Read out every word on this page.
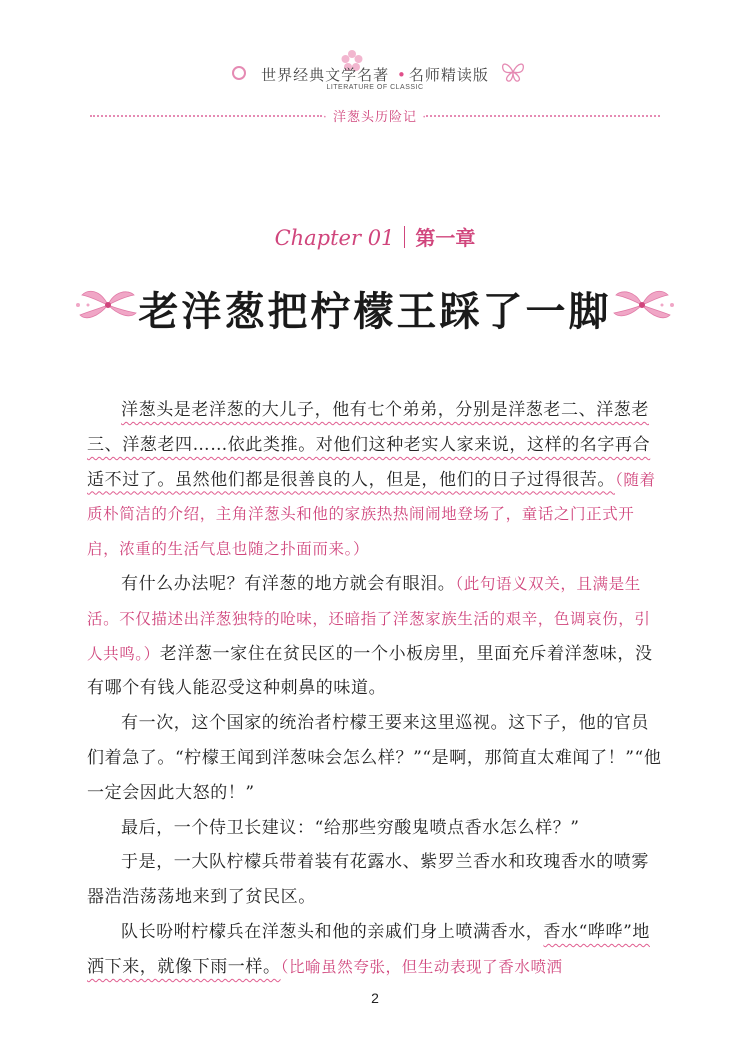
世界经典文学名著 • 名师精读版
LITERATURE OF CLASSIC
· 洋葱头历险记 ·
Chapter 01 第一章
老洋葱把柠檬王踩了一脚

洋葱头是老洋葱的大儿子，他有七个弟弟，分别是洋葱老二、洋葱老三、洋葱老四……依此类推。对他们这种老实人家来说，这样的名字再合适不过了。虽然他们都是很善良的人，但是，他们的日子过得很苦。（随着质朴简洁的介绍，主角洋葱头和他的家族热热闹闹地登场了，童话之门正式开启，浓重的生活气息也随之扑面而来。）

有什么办法呢？有洋葱的地方就会有眼泪。（此句语义双关，且满是生活。不仅描述出洋葱独特的呛味，还暗指了洋葱家族生活的艰辛，色调哀伤，引人共鸣。）老洋葱一家住在贫民区的一个小板房里，里面充斥着洋葱味，没有哪个有钱人能忍受这种刺鼻的味道。

有一次，这个国家的统治者柠檬王要来这里巡视。这下子，他的官员们着急了。“柠檬王闻到洋葱味会怎么样？”“是啊，那简直太难闻了！”“他一定会因此大怒的！”

最后，一个侍卫长建议：“给那些穷酸鬼喷点香水怎么样？”

于是，一大队柠檬兵带着装有花露水、紫罗兰香水和玫瑰香水的喷雾器浩浩荡荡地来到了贫民区。

队长吩咐柠檬兵在洋葱头和他的亲戚们身上喷满香水，香水“哗哗”地洒下来，就像下雨一样。（比喻虽然夸张，但生动表现了香水喷洒

2
